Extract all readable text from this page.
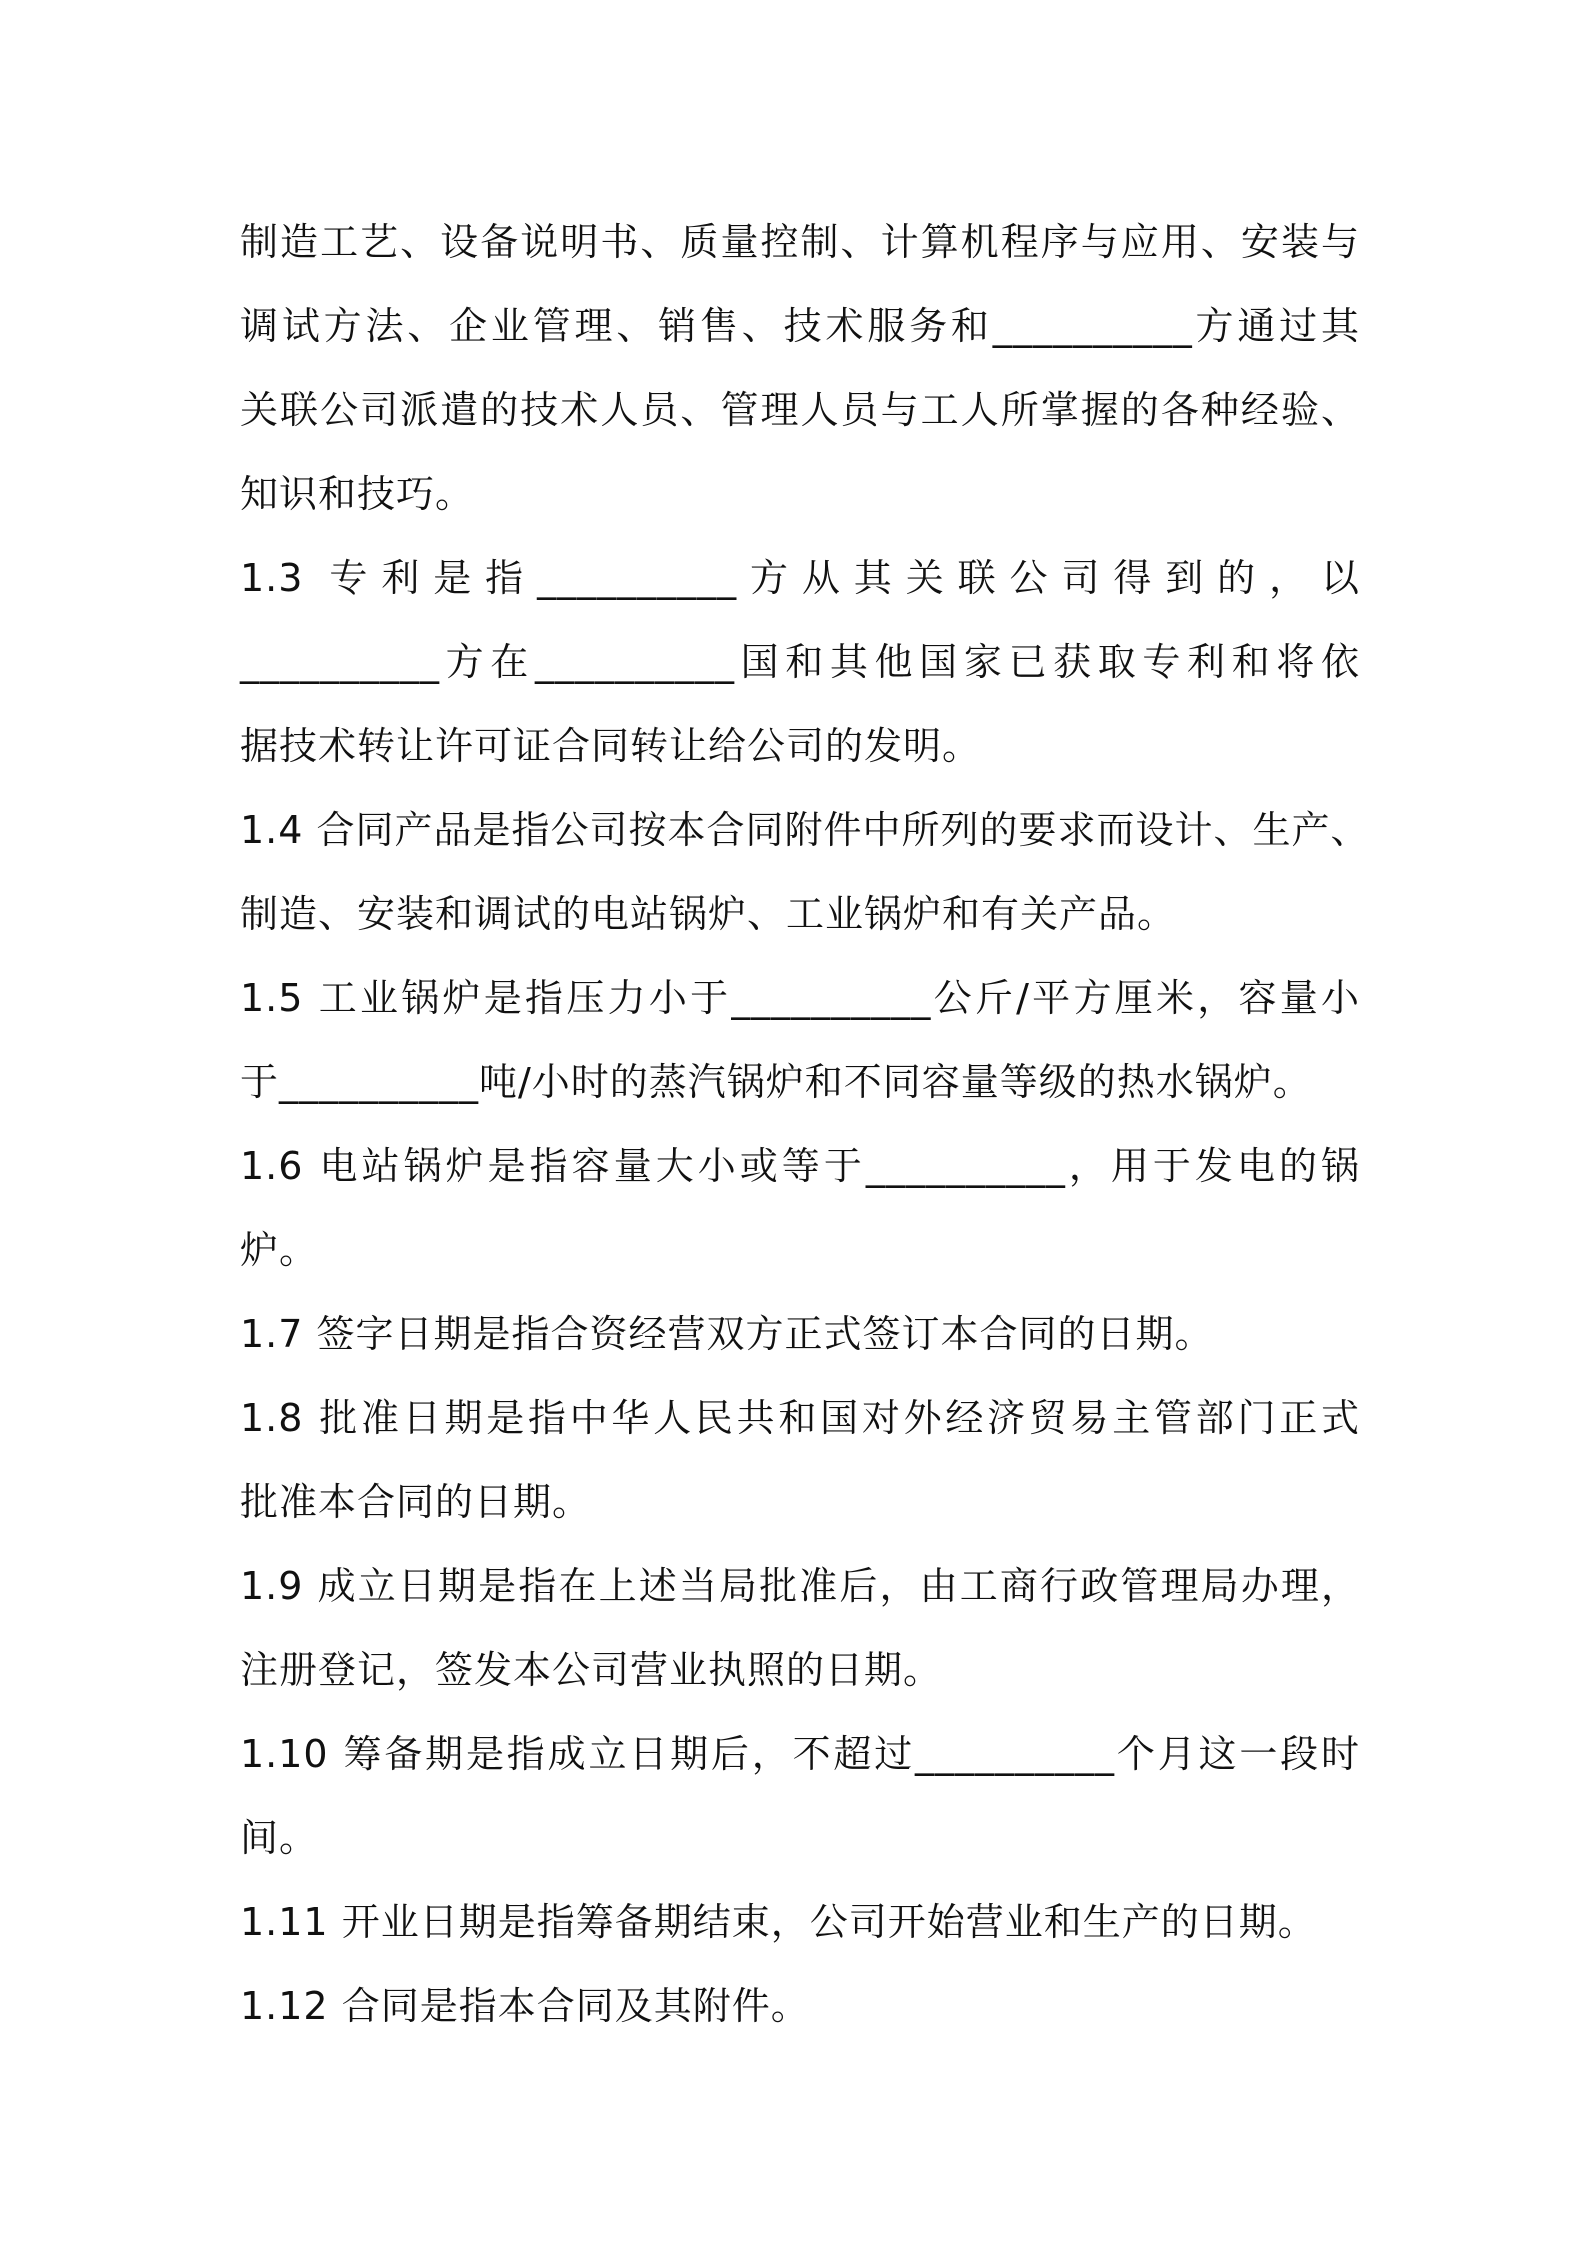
制造工艺、设备说明书、质量控制、计算机程序与应用、安装与
调试方法、企业管理、销售、技术服务和__________方通过其
关联公司派遣的技术人员、管理人员与工人所掌握的各种经验、
知识和技巧。
1.3 专利是指__________方从其关联公司得到的，以
__________方在__________国和其他国家已获取专利和将依
据技术转让许可证合同转让给公司的发明。
1.4 合同产品是指公司按本合同附件中所列的要求而设计、生产、
制造、安装和调试的电站锅炉、工业锅炉和有关产品。
1.5 工业锅炉是指压力小于__________公斤/平方厘米，容量小
于__________吨/小时的蒸汽锅炉和不同容量等级的热水锅炉。
1.6 电站锅炉是指容量大小或等于__________，用于发电的锅
炉。
1.7 签字日期是指合资经营双方正式签订本合同的日期。
1.8 批准日期是指中华人民共和国对外经济贸易主管部门正式
批准本合同的日期。
1.9 成立日期是指在上述当局批准后，由工商行政管理局办理，
注册登记，签发本公司营业执照的日期。
1.10 筹备期是指成立日期后，不超过__________个月这一段时
间。
1.11 开业日期是指筹备期结束，公司开始营业和生产的日期。
1.12 合同是指本合同及其附件。
